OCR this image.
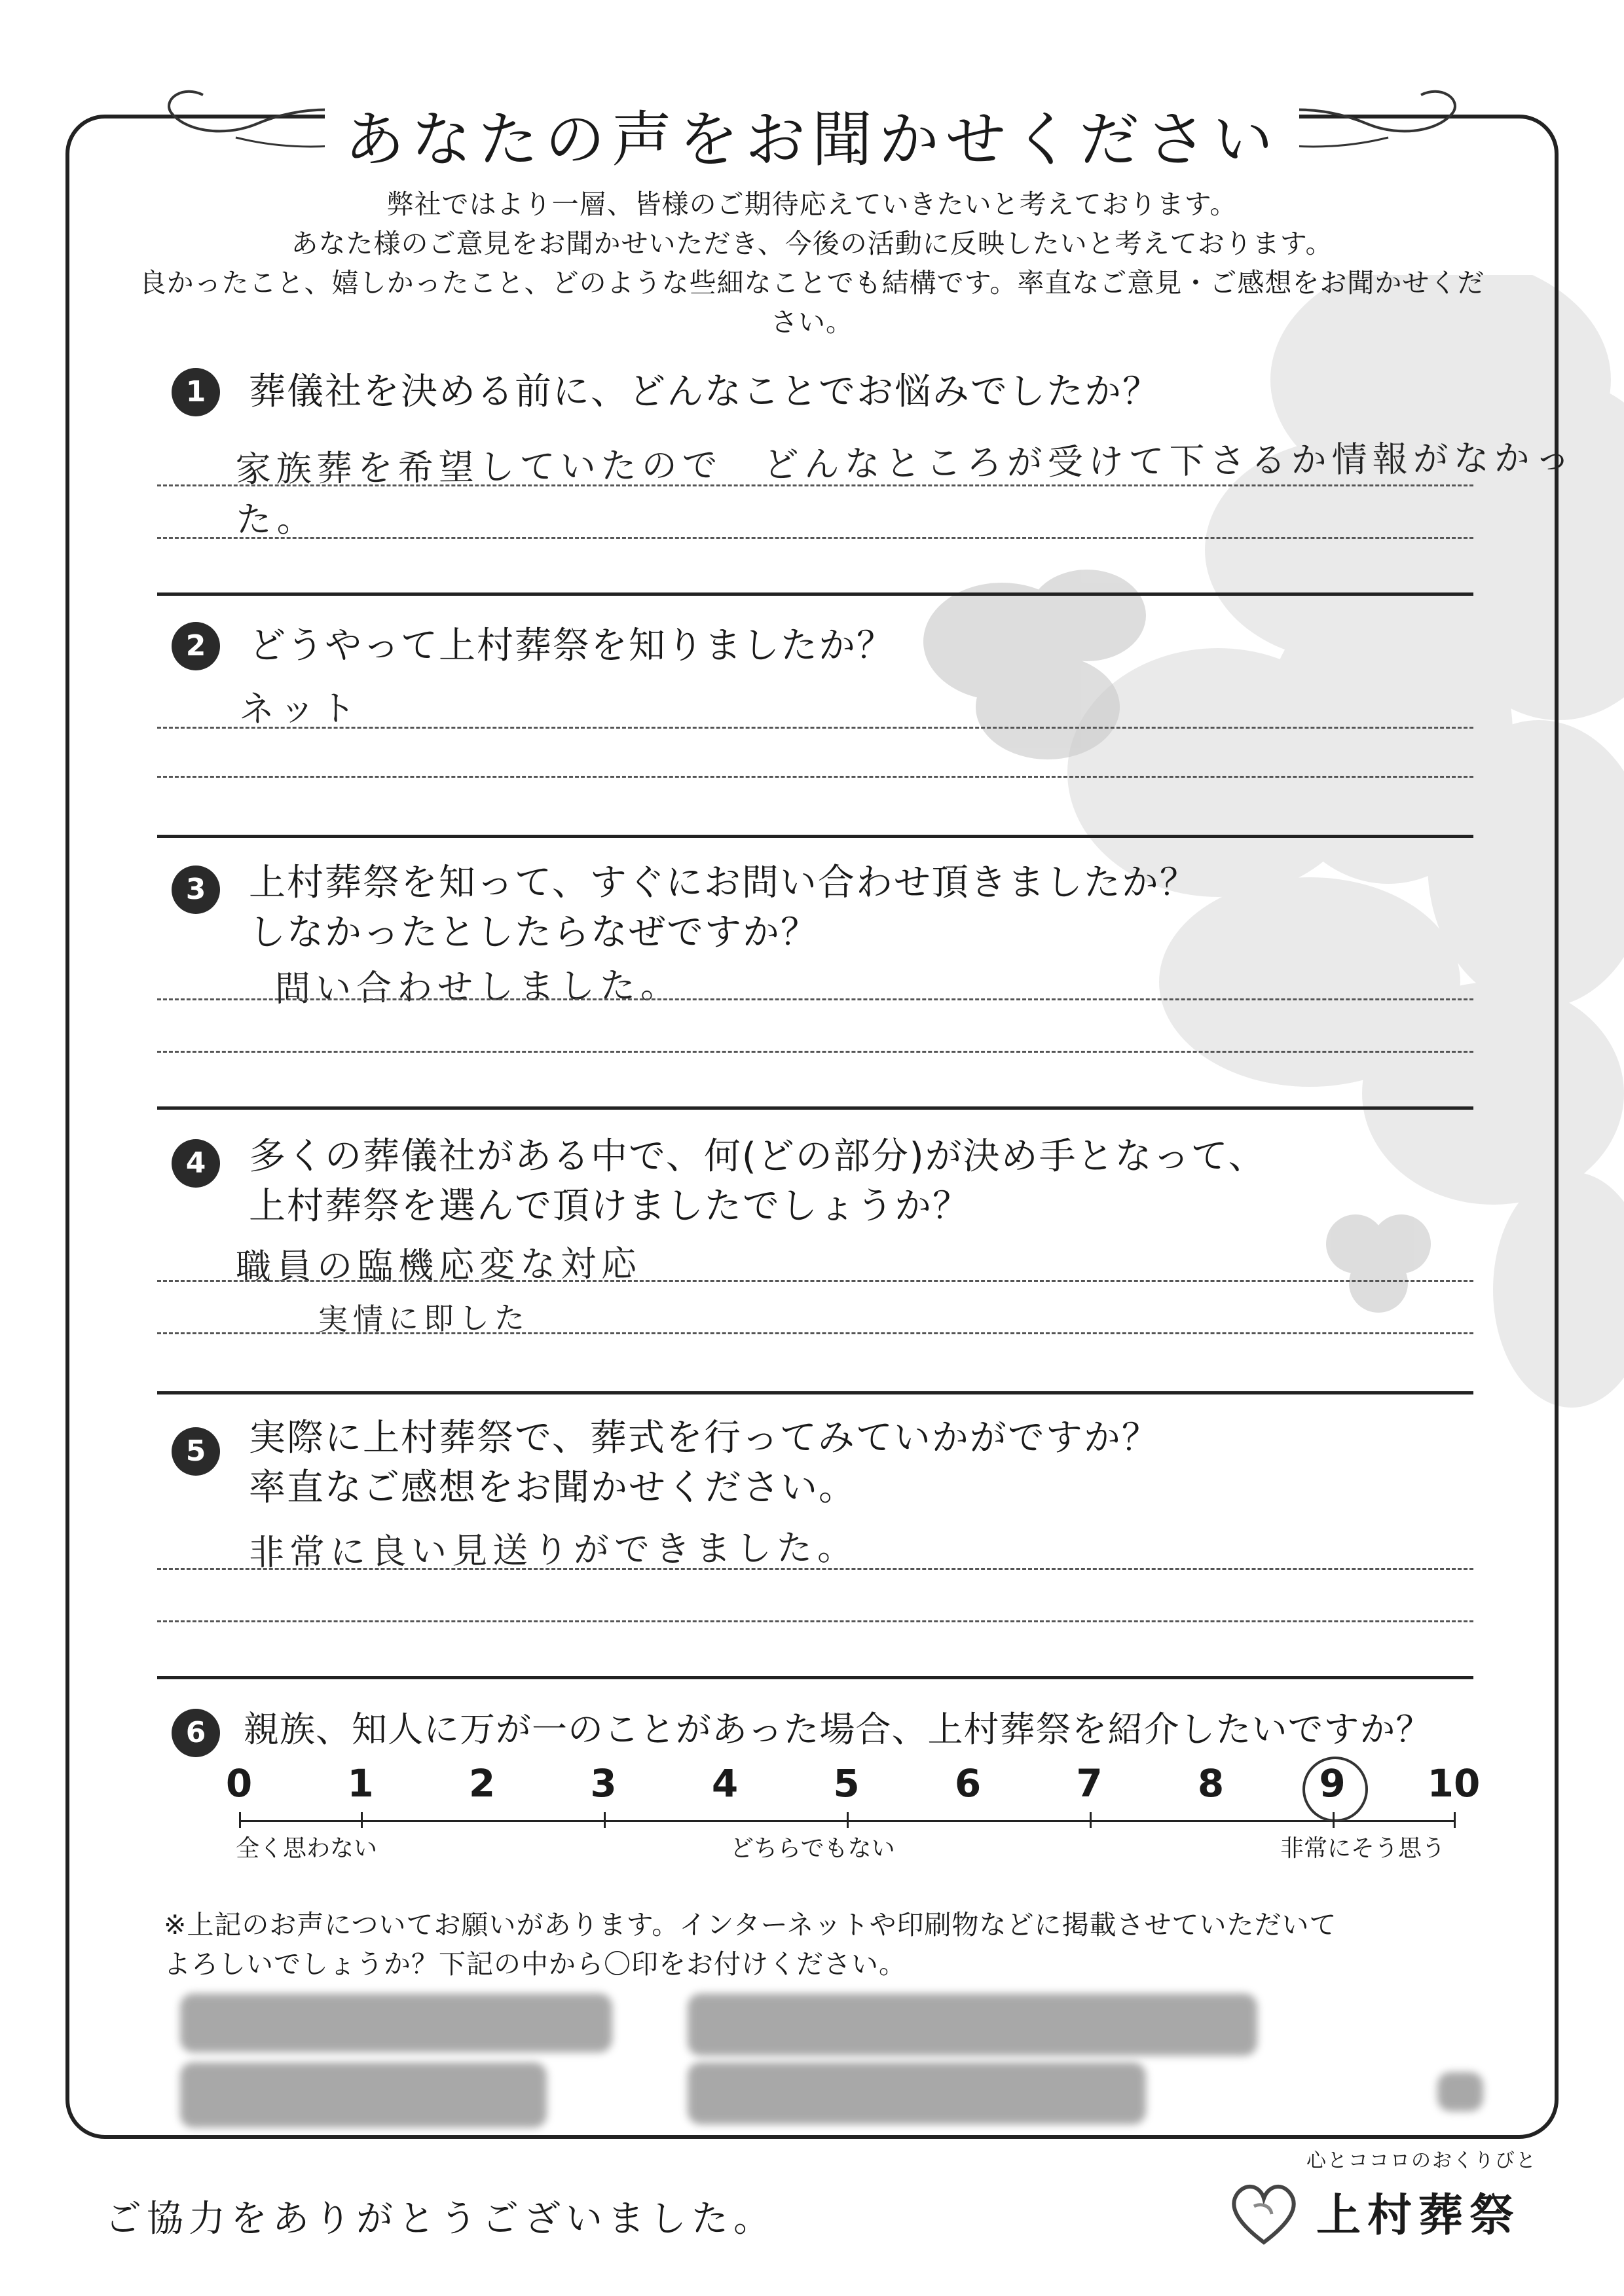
あなたの声をお聞かせください
弊社ではより一層、皆様のご期待応えていきたいと考えております。
あなた様のご意見をお聞かせいただき、今後の活動に反映したいと考えております。
良かったこと、嬉しかったこと、どのような些細なことでも結構です。率直なご意見・ご感想をお聞かせください。
1	葬儀社を決める前に、どんなことでお悩みでしたか？
家族葬を希望していたので　どんなところが受けて下さるか情報がなかった。
2	どうやって上村葬祭を知りましたか？
ネット
3	上村葬祭を知って、すぐにお問い合わせ頂きましたか？
しなかったとしたらなぜですか？
問い合わせしました。
4	多くの葬儀社がある中で、何(どの部分)が決め手となって、
上村葬祭を選んで頂けましたでしょうか？
職員の臨機応変な対応
実情に即した
5	実際に上村葬祭で、葬式を行ってみていかがですか？
率直なご感想をお聞かせください。
非常に良い見送りができました。
6	親族、知人に万が一のことがあった場合、上村葬祭を紹介したいですか？
0	1	2	3	4	5	6	7	8	9	10
全く思わない	どちらでもない	非常にそう思う
※上記のお声についてお願いがあります。インターネットや印刷物などに掲載させていただいて
よろしいでしょうか？下記の中から〇印をお付けください。
ご協力をありがとうございました。
心とココロのおくりびと
上村葬祭
